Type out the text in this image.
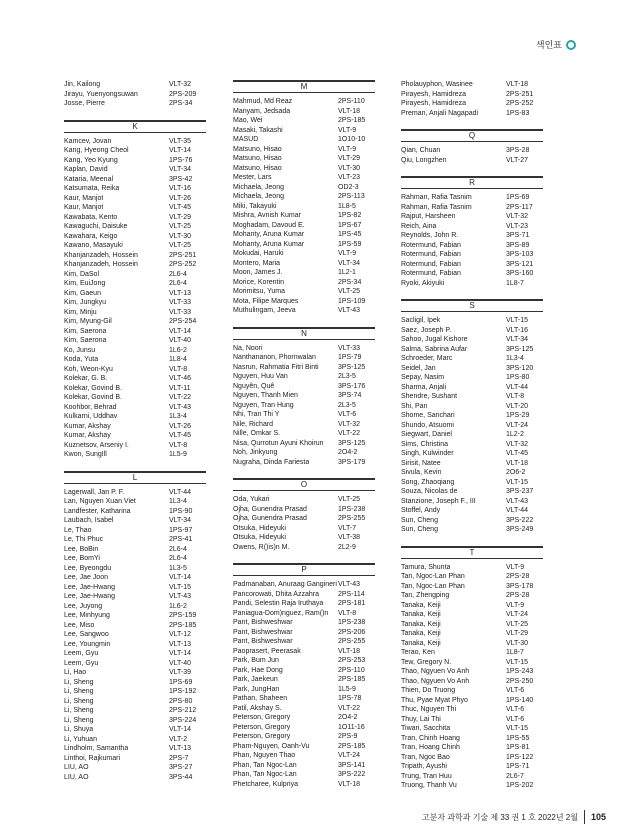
색인표
Jin, Kailong	VLT-32
Jirayu, Yuenyongsuwan	2PS-209
Josse, Pierre	2PS-34
K
Kamcev, Jovan	VLT-35
Kang, Hyeong Cheol	VLT-14
Kang, Yeo Kyung	1PS-76
Kaplan, David	VLT-34
Kataria, Meenal	3PS-42
Katsumata, Reika	VLT-16
Kaur, Manjot	VLT-26
Kaur, Manjot	VLT-45
Kawabata, Kento	VLT-29
Kawaguchi, Daisuke	VLT-25
Kawahara, Keigo	VLT-30
Kawano, Masayuki	VLT-25
Khanjanzadeh, Hossein	2PS-251
Khanjanzadeh, Hossein	2PS-252
Kim, DaSol	2L6-4
Kim, EuiJong	2L6-4
Kim, Gaeun	VLT-13
Kim, Jungkyu	VLT-33
Kim, Minju	VLT-33
Kim, Myung-Gil	2PS-254
Kim, Saerona	VLT-14
Kim, Saerona	VLT-40
Ko, Junsu	1L6-2
Koda, Yuta	1L8-4
Koh, Weon-Kyu	VLT-8
Kolekar, G. B.	VLT-46
Kolekar, Govind B.	VLT-11
Kolekar, Govind B.	VLT-22
Koohbor, Behrad	VLT-43
Kulkarni, Uddhav	1L3-4
Kumar, Akshay	VLT-26
Kumar, Akshay	VLT-45
Kuznetsov, Arseniy I.	VLT-8
Kwon, SungIll	1L5-9
L
Lagerwall, Jan P. F.	VLT-44
Lan, Nguyen Xuan Viet	1L3-4
Landfester, Katharina	1PS-90
Laubach, Isabel	VLT-34
Le, Thao	1PS-97
Le, Thi Phuc	2PS-41
Lee, BoBin	2L6-4
Lee, BomYi	2L6-4
Lee, Byeongdu	1L3-5
Lee, Jae Joon	VLT-14
Lee, Jae-Hwang	VLT-15
Lee, Jae-Hwang	VLT-43
Lee, Juyong	1L6-2
Lee, Minhyung	2PS-159
Lee, Miso	2PS-185
Lee, Sangwoo	VLT-12
Lee, Youngmin	VLT-13
Leem, Gyu	VLT-14
Leem, Gyu	VLT-40
Li, Hao	VLT-39
Li, Sheng	1PS-69
Li, Sheng	1PS-192
Li, Sheng	2PS-80
Li, Sheng	2PS-212
Li, Sheng	3PS-224
Li, Shuya	VLT-14
Li, Yuhuan	VLT-2
Lindholm, Samantha	VLT-13
Linthoi, Rajkumari	2PS-7
LIU, AO	3PS-27
LIU, AO	3PS-44
M
Mahmud, Md Reaz	2PS-110
Manyam, Jedsada	VLT-18
Mao, Wei	2PS-185
Masaki, Takashi	VLT-9
MASUD	1O10-10
Matsuno, Hisao	VLT-9
Matsuno, Hisao	VLT-29
Matsuno, Hisao	VLT-30
Mester, Lars	VLT-23
Michaela, Jeong	OD2-3
Michaela, Jeong	2PS-113
Miki, Takayuki	1L8-5
Mishra, Avnish Kumar	1PS-82
Moghadam, Davoud E.	1PS-67
Mohanty, Aruna Kumar	1PS-45
Mohanty, Aruna Kumar	1PS-59
Mokudai, Haruki	VLT-9
Montero, Maria	VLT-34
Moon, James J.	1L2-1
Morice, Korentin	2PS-34
Morimitsu, Yuma	VLT-25
Mota, Filipe Marques	1PS-109
Muthulingam, Jeeva	VLT-43
N
Na, Noori	VLT-33
Nanthananon, Phornwalan	1PS-79
Nasrun, Rahmatia Fitri Binti	3PS-125
Nguyen, Huu Van	2L3-5
Nguyên, Quê	3PS-176
Nguyen, Thanh Mien	3PS-74
Nguyen, Tran Hung	2L3-5
Nhi, Tran Thi Y	VLT-6
Nile, Richard	VLT-32
Nille, Omkar S.	VLT-22
Nisa, Qurrotun Ayuni Khoirun 3PS-125
Noh, Jinkyung	2O4-2
Nugraha, Dinda Fariesta	3PS-179
O
Oda, Yukari	VLT-25
Ojha, Gunendra Prasad	1PS-238
Ojha, Gunendra Prasad	2PS-255
Otsuka, Hideyuki	VLT-7
Otsuka, Hideyuki	VLT-38
Owens, R()is)n M.	2L2-9
P
Padmanaban, Anuraag Gangineri VLT-43
Pancorowati, Dhita Azzahra	2PS-114
Pandi, Selestin Raja Iruthaya 2PS-181
Paniagua-Dom)nguez, Ram()n VLT-8
Pant, Bishweshwar	1PS-238
Pant, Bishweshwar	2PS-206
Pant, Bishweshwar	2PS-255
Paoprasert, Peerasak	VLT-18
Park, Bum Jun	2PS-253
Park, Hae Dong	2PS-110
Park, Jaekeun	2PS-185
Park, JungHan	1L5-9
Pathan, Shaheen	1PS-78
Patil, Akshay S.	VLT-22
Peterson, Gregory	2O4-2
Peterson, Gregory	1O11-16
Peterson, Gregory	2PS-9
Pham-Nguyen, Oanh-Vu	2PS-185
Phan, Nguyen Thao	VLT-24
Phan, Tan Ngoc-Lan	3PS-141
Phan, Tan Ngoc-Lan	3PS-222
Phetcharee, Kulpriya	VLT-18
Pholauyphon, Wasinee	VLT-18
Pirayesh, Hamidreza	2PS-251
Pirayesh, Hamidreza	2PS-252
Preman, Anjali Nagapadi	1PS-83
Q
Qian, Chuan	3PS-28
Qiu, Longzhen	VLT-27
R
Rahman, Rafia Tasnim	1PS-69
Rahman, Rafia Tasnim	2PS-117
Rajput, Harsheen	VLT-32
Reich, Aina	VLT-23
Reynolds, John R.	3PS-71
Rotermund, Fabian	3PS-89
Rotermund, Fabian	3PS-103
Rotermund, Fabian	3PS-121
Rotermund, Fabian	3PS-160
Ryoki, Akiyuki	1L8-7
S
Sacligil, Ipek	VLT-15
Saez, Joseph P.	VLT-16
Sahoo, Jugal Kishore	VLT-34
Salma, Sabrina Aufar	3PS-125
Schroeder, Marc	1L3-4
Seidel, Jan	3PS-120
Sepay, Nasim	1PS-80
Sharma, Anjali	VLT-44
Shendre, Sushant	VLT-8
Shi, Pan	VLT-20
Shome, Sanchari	1PS-29
Shundo, Atsuomi	VLT-24
Siegwart, Daniel	1L2-2
Sims, Christina	VLT-32
Singh, Kulwinder	VLT-45
Sirisit, Natee	VLT-18
Sivula, Kevin	2O6-2
Song, Zhaoqiang	VLT-15
Souza, Nicolas de	3PS-237
Stanzione, Joseph F., III	VLT-43
Stoffel, Andy	VLT-44
Sun, Cheng	3PS-222
Sun, Cheng	3PS-249
T
Tamura, Shunta	VLT-9
Tan, Ngoc-Lan Phan	2PS-28
Tan, Ngoc-Lan Phan	3PS-178
Tan, Zhengping	2PS-28
Tanaka, Keiji	VLT-9
Tanaka, Keiji	VLT-24
Tanaka, Keiji	VLT-25
Tanaka, Keiji	VLT-29
Tanaka, Keiji	VLT-30
Terao, Ken	1L8-7
Tew, Gregory N.	VLT-15
Thao, Ngyuen Vo Anh	1PS-243
Thao, Ngyuen Vo Anh	2PS-250
Thien, Do Truong	VLT-6
Thu, Pyae Myat Phyo	1PS-140
Thuc, Nguyen Thi	VLT-6
Thuy, Lai Thi	VLT-6
Tiwari, Sacchita	VLT-15
Tran, Chinh Hoang	1PS-55
Tran, Hoang Chinh	1PS-81
Tran, Ngoc Bao	1PS-122
Tripath, Ayushi	1PS-71
Trung, Tran Huu	2L6-7
Truong, Thanh Vu	1PS-202
고분자 과학과 기술 제 33 권 1 호 2022년 2월 105
